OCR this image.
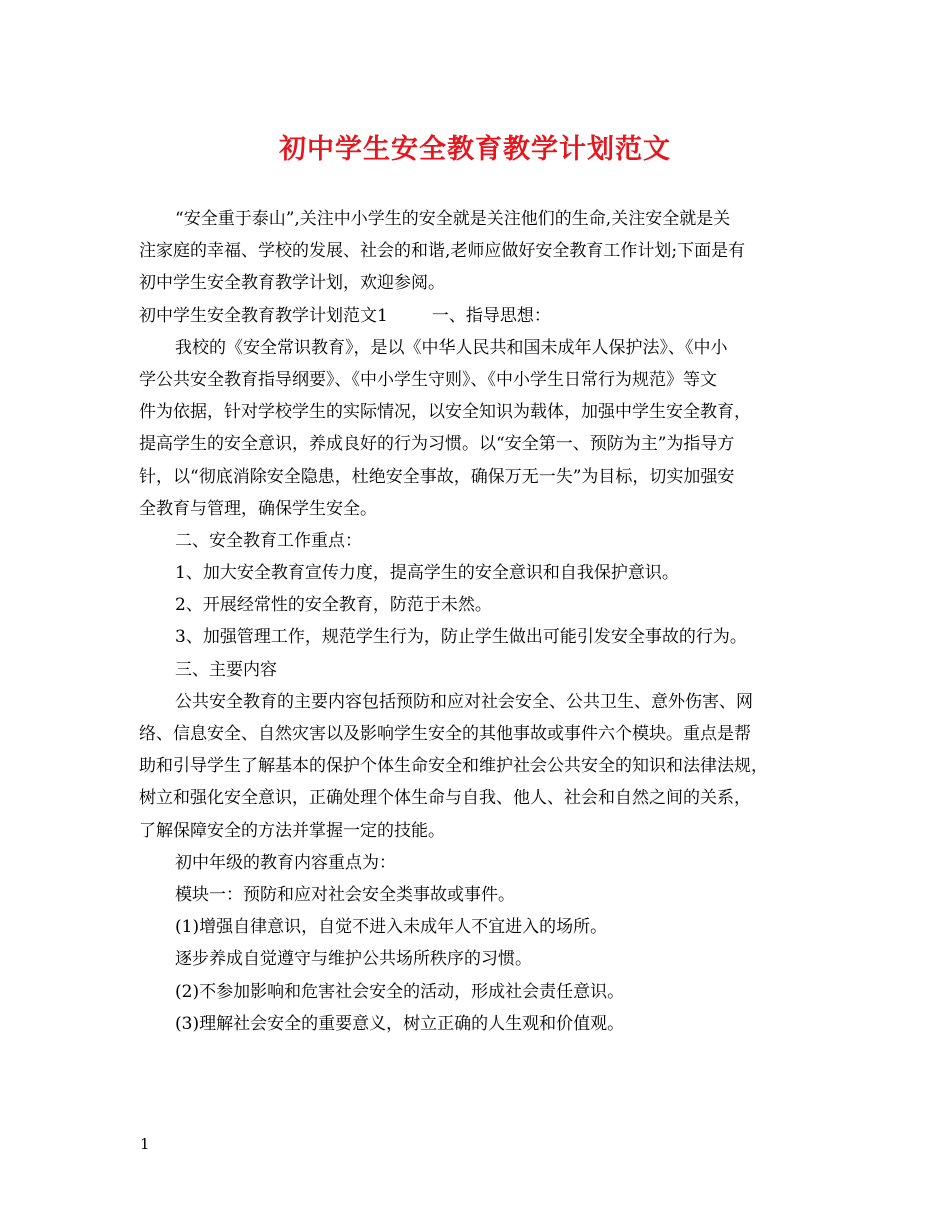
初中学生安全教育教学计划范文
“安全重于泰山”,关注中小学生的安全就是关注他们的生命,关注安全就是关
注家庭的幸福、学校的发展、社会的和谐,老师应做好安全教育工作计划;下面是有
初中学生安全教育教学计划，欢迎参阅。
初中学生安全教育教学计划范文1	一、指导思想：
我校的《安全常识教育》，是以《中华人民共和国未成年人保护法》、《中小
学公共安全教育指导纲要》、《中小学生守则》、《中小学生日常行为规范》等文
件为依据，针对学校学生的实际情况，以安全知识为载体，加强中学生安全教育，
提高学生的安全意识，养成良好的行为习惯。以“安全第一、预防为主”为指导方
针，以“彻底消除安全隐患，杜绝安全事故，确保万无一失”为目标，切实加强安
全教育与管理，确保学生安全。
二、安全教育工作重点：
1、加大安全教育宣传力度，提高学生的安全意识和自我保护意识。
2、开展经常性的安全教育，防范于未然。
3、加强管理工作，规范学生行为，防止学生做出可能引发安全事故的行为。
三、主要内容
公共安全教育的主要内容包括预防和应对社会安全、公共卫生、意外伤害、网
络、信息安全、自然灾害以及影响学生安全的其他事故或事件六个模块。重点是帮
助和引导学生了解基本的保护个体生命安全和维护社会公共安全的知识和法律法规，
树立和强化安全意识，正确处理个体生命与自我、他人、社会和自然之间的关系，
了解保障安全的方法并掌握一定的技能。
初中年级的教育内容重点为：
模块一：预防和应对社会安全类事故或事件。
(1)增强自律意识，自觉不进入未成年人不宜进入的场所。
逐步养成自觉遵守与维护公共场所秩序的习惯。
(2)不参加影响和危害社会安全的活动，形成社会责任意识。
(3)理解社会安全的重要意义，树立正确的人生观和价值观。
1
